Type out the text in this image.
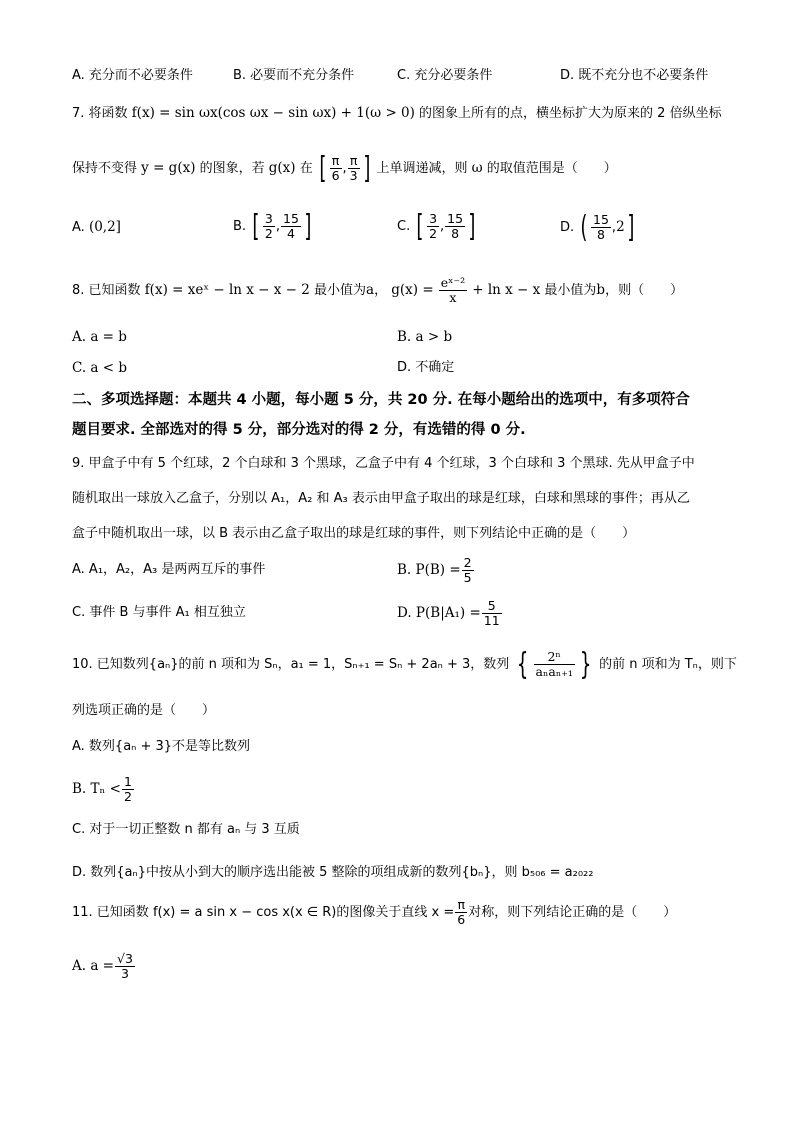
A. 充分而不必要条件	B. 必要而不充分条件	C. 充分必要条件	D. 既不充分也不必要条件
7. 将函数 f(x) = sin ωx(cos ωx − sin ωx) + 1(ω > 0) 的图象上所有的点，横坐标扩大为原来的 2 倍纵坐标
保持不变得 y = g(x) 的图象，若 g(x) 在 [ $\frac{\pi}{6}$ , $\frac{\pi}{3}$ ] 上单调递减，则 ω 的取值范围是（　　）
A. (0,2]	B. [ $\frac{3}{2}$ , $\frac{15}{4}$ ]	C. [ $\frac{3}{2}$ , $\frac{15}{8}$ ]	D. ( $\frac{15}{8} ,2$]
8. 已知函数 f(x) = xeˣ − ln x − x − 2 最小值为a， $g(x) = \frac{\text{eˣ⁻²}}{x} + \ln x - x$ 最小值为b，则（　　）
A. a = b	B. a > b
C. a < b	D. 不确定
二、多项选择题：本题共 4 小题，每小题 5 分，共 20 分. 在每小题给出的选项中，有多项符合
题目要求. 全部选对的得 5 分，部分选对的得 2 分，有选错的得 0 分.
9. 甲盒子中有 5 个红球，2 个白球和 3 个黑球，乙盒子中有 4 个红球，3 个白球和 3 个黑球. 先从甲盒子中
随机取出一球放入乙盒子，分别以 A₁，A₂ 和 A₃ 表示由甲盒子取出的球是红球，白球和黑球的事件；再从乙
盒子中随机取出一球，以 B 表示由乙盒子取出的球是红球的事件，则下列结论中正确的是（　　）
A. A₁，A₂，A₃ 是两两互斥的事件	B. $P(B) = \frac{2}{5}$
C. 事件 B 与事件 A₁ 相互独立	D. $P(B|A_1) = \frac{5}{11}$
10. 已知数列{aₙ}的前 n 项和为 Sₙ，a₁ = 1，Sₙ₊₁ = Sₙ + 2aₙ + 3，数列 { $\frac{\text{2ⁿ}}{\text{aₙaₙ₊₁}}$ } 的前 n 项和为 Tₙ，则下
列选项正确的是（　　）
A. 数列{aₙ + 3}不是等比数列
B. $T_n < \frac{1}{2}$
C. 对于一切正整数 n 都有 aₙ 与 3 互质
D. 数列{aₙ}中按从小到大的顺序选出能被 5 整除的项组成新的数列{bₙ}，则 b₅₀₆ = a₂₀₂₂
11. 已知函数 f(x) = a sin x − cos x(x ∈ R)的图像关于直线 $x = \frac{\pi}{6}$ 对称，则下列结论正确的是（　　）
A. $a = \frac{√3}{3}$
